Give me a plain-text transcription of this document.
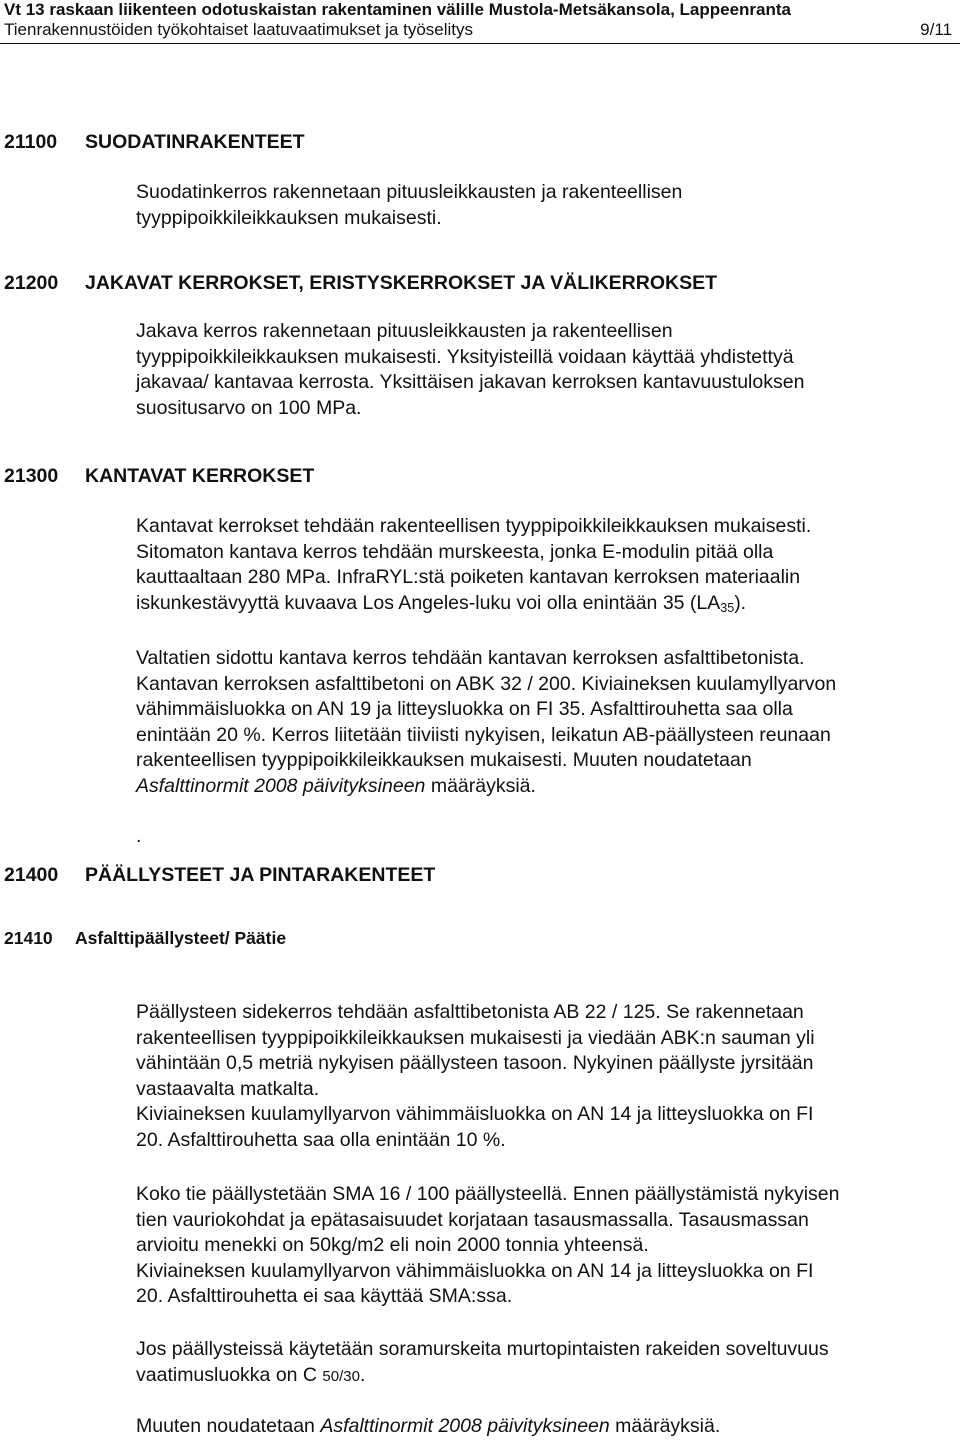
Vt 13 raskaan liikenteen odotuskaistan rakentaminen välille Mustola-Metsäkansola, Lappeenranta
Tienrakennustöiden työkohtaiset laatuvaatimukset ja työselitys	9/11
21100 SUODATINRAKENTEET
Suodatinkerros rakennetaan pituusleikkausten ja rakenteellisen
tyyppipoikkileikkauksen mukaisesti.
21200 JAKAVAT KERROKSET, ERISTYSKERROKSET JA VÄLIKERROKSET
Jakava kerros rakennetaan pituusleikkausten ja rakenteellisen
tyyppipoikkileikkauksen mukaisesti. Yksityisteillä voidaan käyttää yhdistettyä
jakavaa/ kantavaa kerrosta. Yksittäisen jakavan kerroksen kantavuustuloksen
suositusarvo on 100 MPa.
21300 KANTAVAT KERROKSET
Kantavat kerrokset tehdään rakenteellisen tyyppipoikkileikkauksen mukaisesti.
Sitomaton kantava kerros tehdään murskeesta, jonka E-modulin pitää olla
kauttaaltaan 280 MPa. InfraRYL:stä poiketen kantavan kerroksen materiaalin
iskunkestävyyttä kuvaava Los Angeles-luku voi olla enintään 35 $(LA_{35})$.
Valtatien sidottu kantava kerros tehdään kantavan kerroksen asfalttibetonista.
Kantavan kerroksen asfalttibetoni on ABK 32 / 200. Kiviaineksen kuulamyllyarvon
vähimmäisluokka on AN 19 ja litteysluokka on FI 35. Asfalttirouhetta saa olla
enintään 20 %. Kerros liitetään tiiviisti nykyisen, leikatun AB-päällysteen reunaan
rakenteellisen tyyppipoikkileikkauksen mukaisesti. Muuten noudatetaan
Asfalttinormit 2008 päivityksineen määräyksiä.
.
21400 PÄÄLLYSTEET JA PINTARAKENTEET
21410 Asfalttipäällysteet/ Päätie
Päällysteen sidekerros tehdään asfalttibetonista AB 22 / 125. Se rakennetaan
rakenteellisen tyyppipoikkileikkauksen mukaisesti ja viedään ABK:n sauman yli
vähintään 0,5 metriä nykyisen päällysteen tasoon. Nykyinen päällyste jyrsitään
vastaavalta matkalta.
Kiviaineksen kuulamyllyarvon vähimmäisluokka on AN 14 ja litteysluokka on FI
20. Asfalttirouhetta saa olla enintään 10 %.
Koko tie päällystetään SMA 16 / 100 päällysteellä. Ennen päällystämistä nykyisen
tien vauriokohdat ja epätasaisuudet korjataan tasausmassalla. Tasausmassan
arvioitu menekki on 50kg/m2 eli noin 2000 tonnia yhteensä.
Kiviaineksen kuulamyllyarvon vähimmäisluokka on AN 14 ja litteysluokka on FI
20. Asfalttirouhetta ei saa käyttää SMA:ssa.
Jos päällysteissä käytetään soramurskeita murtopintaisten rakeiden soveltuvuus
vaatimusluokka on C 50/30.
Muuten noudatetaan Asfalttinormit 2008 päivityksineen määräyksiä.
